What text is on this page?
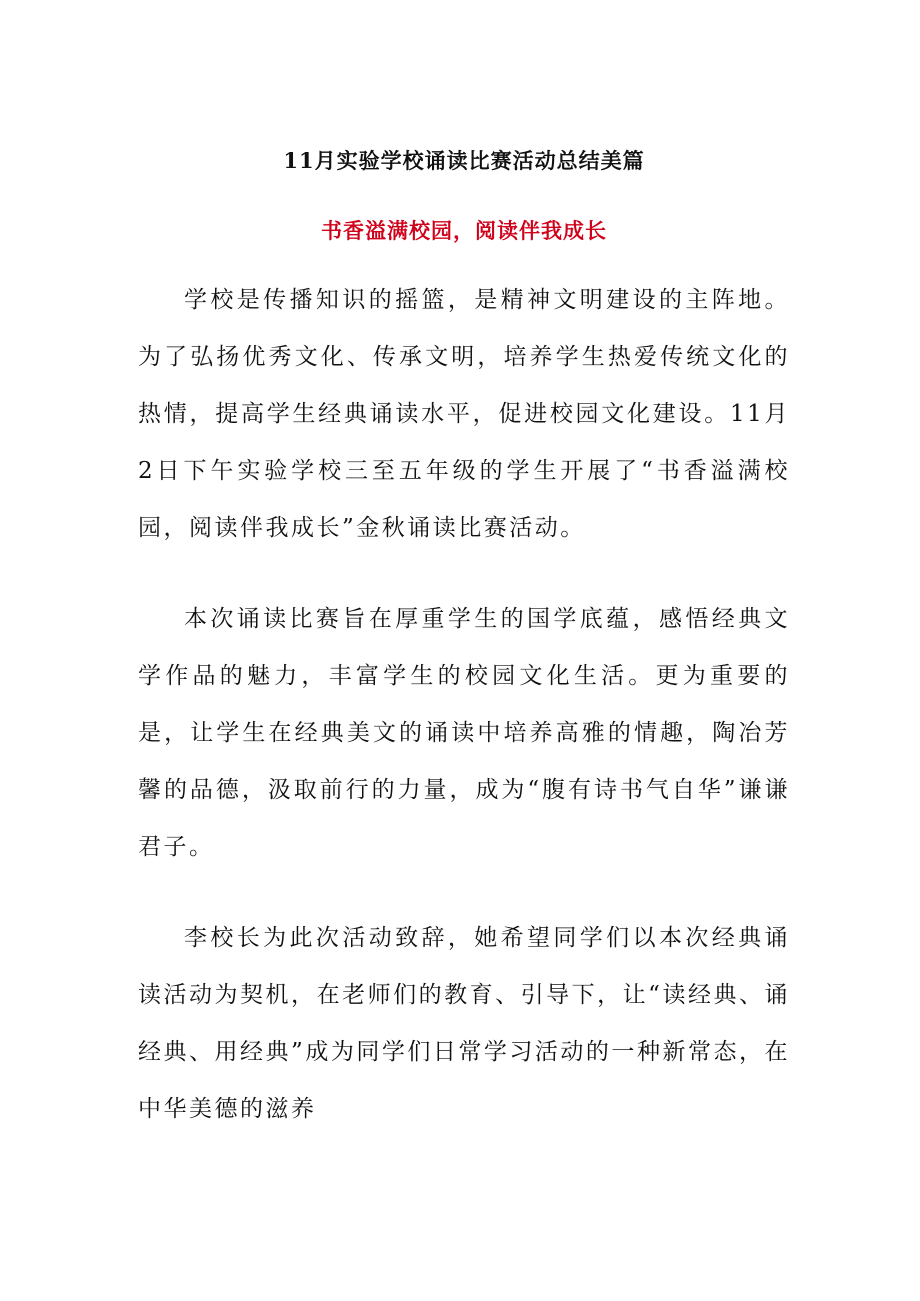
11月实验学校诵读比赛活动总结美篇
书香溢满校园，阅读伴我成长

学校是传播知识的摇篮，是精神文明建设的主阵地。为了弘扬优秀文化、传承文明，培养学生热爱传统文化的热情，提高学生经典诵读水平，促进校园文化建设。11月2日下午实验学校三至五年级的学生开展了“书香溢满校园，阅读伴我成长”金秋诵读比赛活动。

本次诵读比赛旨在厚重学生的国学底蕴，感悟经典文学作品的魅力，丰富学生的校园文化生活。更为重要的是，让学生在经典美文的诵读中培养高雅的情趣，陶冶芳馨的品德，汲取前行的力量，成为“腹有诗书气自华”谦谦君子。

李校长为此次活动致辞，她希望同学们以本次经典诵读活动为契机，在老师们的教育、引导下，让“读经典、诵经典、用经典”成为同学们日常学习活动的一种新常态，在中华美德的滋养
